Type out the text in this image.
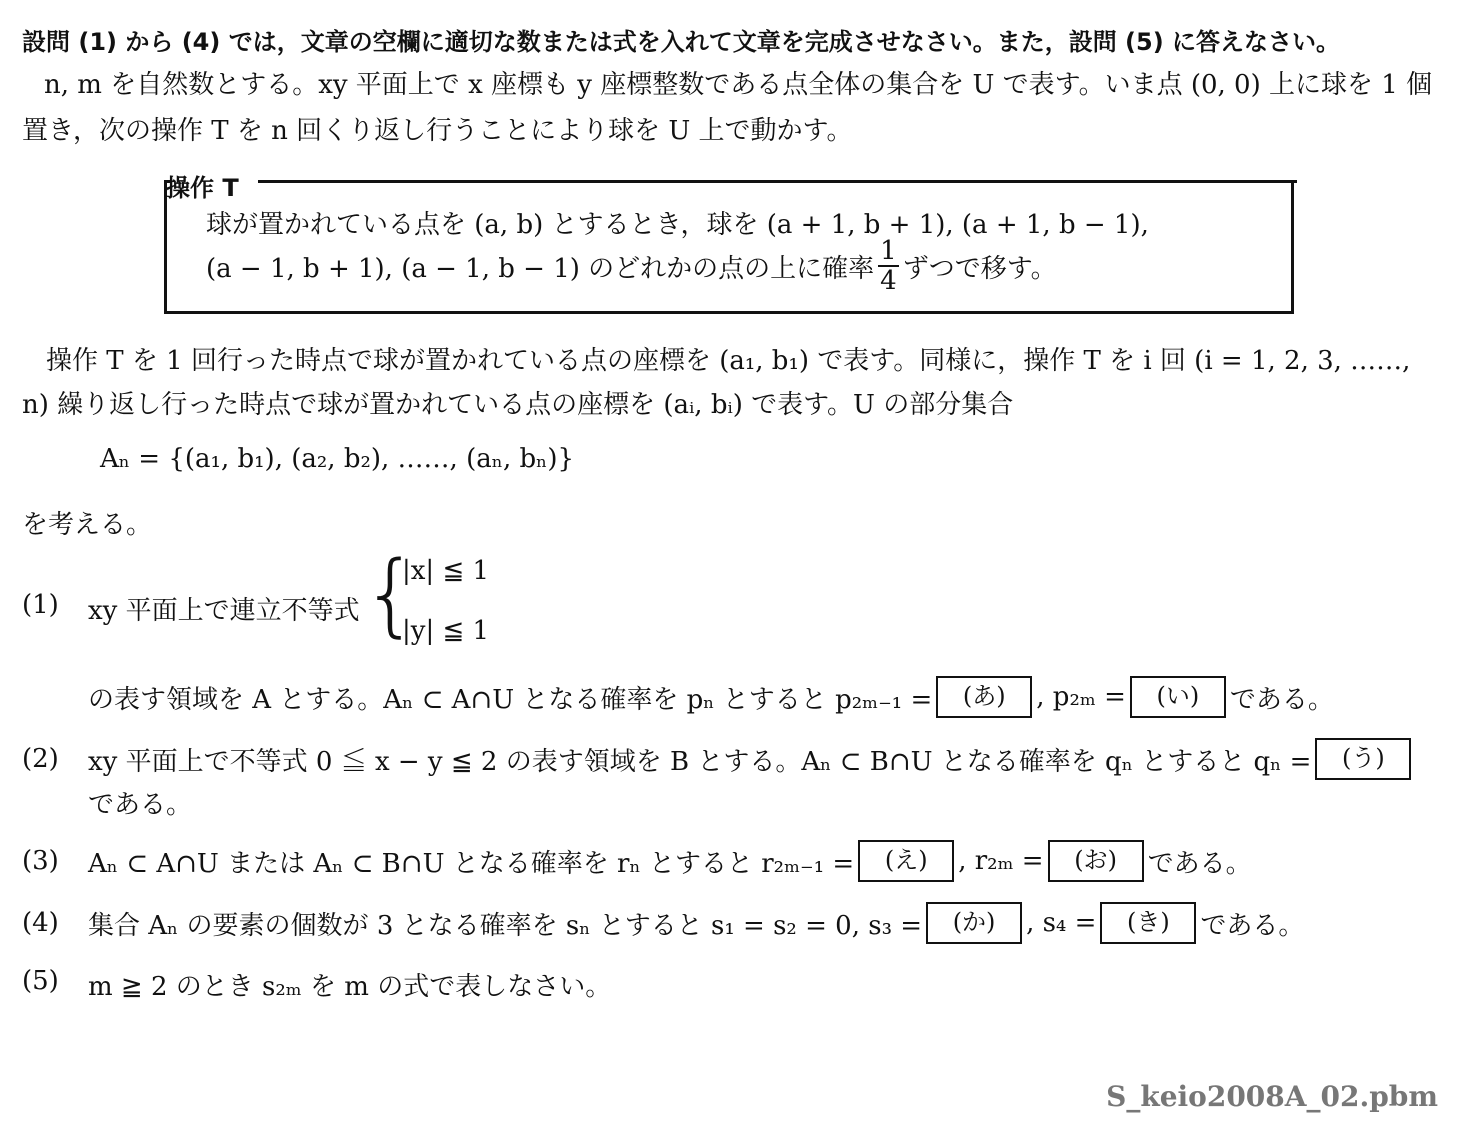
設問 (1) から (4) では，文章の空欄に適切な数または式を入れて文章を完成させなさい。また，設問 (5) に答えなさい。
n, m を自然数とする。xy 平面上で x 座標も y 座標整数である点全体の集合を U で表す。いま点 (0, 0) 上に球を 1 個
置き，次の操作 T を n 回くり返し行うことにより球を U 上で動かす。
操作 T
球が置かれている点を (a, b) とするとき，球を (a + 1, b + 1), (a + 1, b − 1),
(a − 1, b + 1), (a − 1, b − 1) のどれかの点の上に確率 $\frac{1}{4}$ ずつで移す。
操作 T を 1 回行った時点で球が置かれている点の座標を (a₁, b₁) で表す。同様に，操作 T を i 回 (i = 1, 2, 3, ……,
n) 繰り返し行った時点で球が置かれている点の座標を (aᵢ, bᵢ) で表す。U の部分集合
Aₙ = {(a₁, b₁), (a₂, b₂), ……, (aₙ, bₙ)}
を考える。
(1) xy 平面上で連立不等式 {
|x| ≦ 1
|y| ≦ 1
の表す領域を A とする。Aₙ ⊂ A∩U となる確率を pₙ とすると p₂ₘ₋₁ =	(あ)	, p₂ₘ =	(い)	である。
(2) xy 平面上で不等式 0 ≦ x − y ≦ 2 の表す領域を B とする。Aₙ ⊂ B∩U となる確率を qₙ とすると qₙ =	(う)
である。
(3) Aₙ ⊂ A∩U または Aₙ ⊂ B∩U となる確率を rₙ とすると r₂ₘ₋₁ =	(え)	, r₂ₘ =	(お)	である。
(4) 集合 Aₙ の要素の個数が 3 となる確率を sₙ とすると s₁ = s₂ = 0, s₃ =	(か)	, s₄ =	(き)	である。
(5) m ≧ 2 のとき s₂ₘ を m の式で表しなさい。
S_keio2008A_02.pbm
